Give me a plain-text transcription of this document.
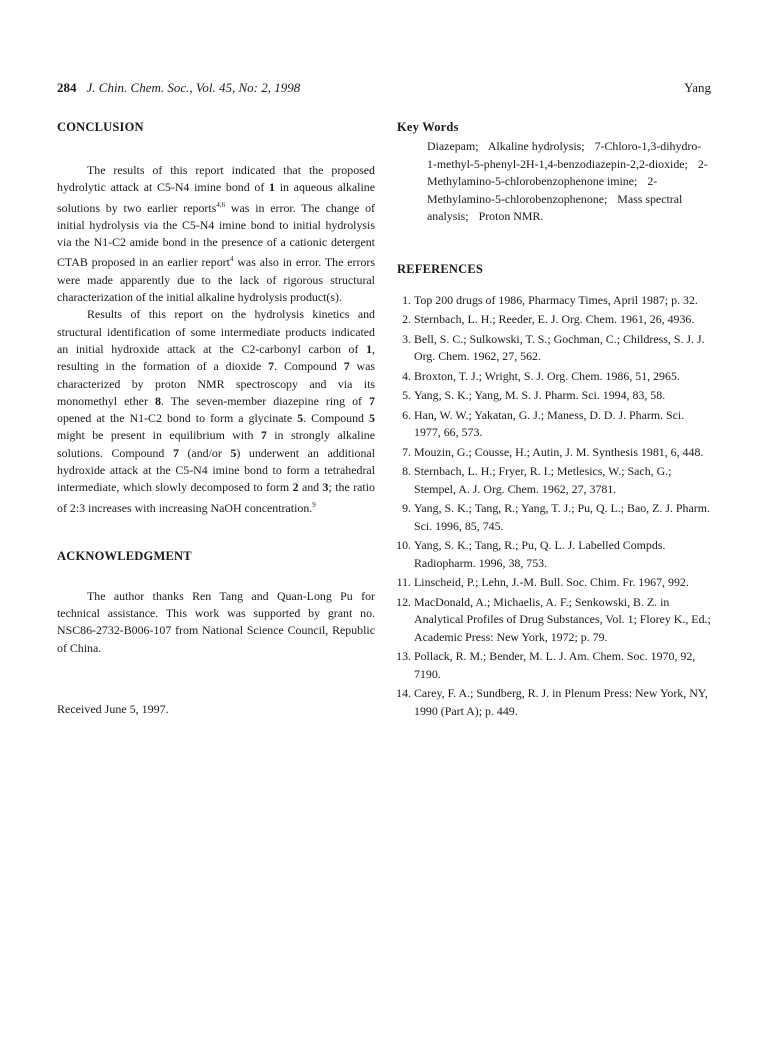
284 J. Chin. Chem. Soc., Vol. 45, No: 2, 1998	Yang
CONCLUSION

The results of this report indicated that the proposed hydrolytic attack at C5-N4 imine bond of 1 in aqueous alkaline solutions by two earlier reports$^{4,6}$ was in error. The change of initial hydrolysis via the C5-N4 imine bond to initial hydrolysis via the N1-C2 amide bond in the presence of a cationic detergent CTAB proposed in an earlier report$^4$ was also in error. The errors were made apparently due to the lack of rigorous structural characterization of the initial alkaline hydrolysis product(s).

Results of this report on the hydrolysis kinetics and structural identification of some intermediate products indicated an initial hydroxide attack at the C2-carbonyl carbon of 1, resulting in the formation of a dioxide 7. Compound 7 was characterized by proton NMR spectroscopy and via its monomethyl ether 8. The seven-member diazepine ring of 7 opened at the N1-C2 bond to form a glycinate 5. Compound 5 might be present in equilibrium with 7 in strongly alkaline solutions. Compound 7 (and/or 5) underwent an additional hydroxide attack at the C5-N4 imine bond to form a tetrahedral intermediate, which slowly decomposed to form 2 and 3; the ratio of 2:3 increases with increasing NaOH concentration.$^9$

ACKNOWLEDGMENT

The author thanks Ren Tang and Quan-Long Pu for technical assistance. This work was supported by grant no. NSC86-2732-B006-107 from National Science Council, Republic of China.

Received June 5, 1997.

Key Words
Diazepam; Alkaline hydrolysis; 7-Chloro-1,3-dihydro-1-methyl-5-phenyl-2H-1,4-benzodiazepin-2,2-dioxide; 2-Methylamino-5-chlorobenzophenone imine; 2-Methylamino-5-chlorobenzophenone; Mass spectral analysis; Proton NMR.
REFERENCES
1. Top 200 drugs of 1986, Pharmacy Times, April 1987; p. 32.
2. Sternbach, L. H.; Reeder, E. J. Org. Chem. 1961, 26, 4936.
3. Bell, S. C.; Sulkowski, T. S.; Gochman, C.; Childress, S. J. J. Org. Chem. 1962, 27, 562.
4. Broxton, T. J.; Wright, S. J. Org. Chem. 1986, 51, 2965.
5. Yang, S. K.; Yang, M. S. J. Pharm. Sci. 1994, 83, 58.
6. Han, W. W.; Yakatan, G. J.; Maness, D. D. J. Pharm. Sci. 1977, 66, 573.
7. Mouzin, G.; Cousse, H.; Autin, J. M. Synthesis 1981, 6, 448.
8. Sternbach, L. H.; Fryer, R. I.; Metlesics, W.; Sach, G.; Stempel, A. J. Org. Chem. 1962, 27, 3781.
9. Yang, S. K.; Tang, R.; Yang, T. J.; Pu, Q. L.; Bao, Z. J. Pharm. Sci. 1996, 85, 745.
10. Yang, S. K.; Tang, R.; Pu, Q. L. J. Labelled Compds. Radiopharm. 1996, 38, 753.
11. Linscheid, P.; Lehn, J.-M. Bull. Soc. Chim. Fr. 1967, 992.
12. MacDonald, A.; Michaelis, A. F.; Senkowski, B. Z. in Analytical Profiles of Drug Substances, Vol. 1; Florey K., Ed.; Academic Press: New York, 1972; p. 79.
13. Pollack, R. M.; Bender, M. L. J. Am. Chem. Soc. 1970, 92, 7190.
14. Carey, F. A.; Sundberg, R. J. in Plenum Press: New York, NY, 1990 (Part A); p. 449.
